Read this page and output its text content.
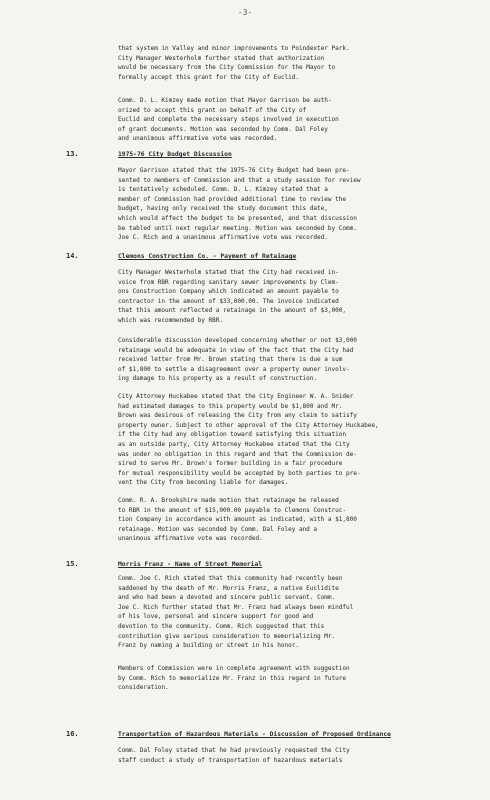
-3-
that system in Valley and minor improvements to Poindexter Park.
City Manager Westerholm further stated that authorization
would be necessary from the City Commission for the Mayor to
formally accept this grant for the City of Euclid.
Comm. D. L. Kimzey made motion that Mayor Garrison be auth-
orized to accept this grant on behalf of the City of
Euclid and complete the necessary steps involved in execution
of grant documents. Motion was seconded by Comm. Dal Foley
and unanimous affirmative vote was recorded.
13.	1975-76 City Budget Discussion
Mayor Garrison stated that the 1975-76 City Budget had been pre-
sented to members of Commission and that a study session for review
is tentatively scheduled. Comm. D. L. Kimzey stated that a
member of Commission had provided additional time to review the
budget, having only received the study document this date,
which would affect the budget to be presented, and that discussion
be tabled until next regular meeting. Motion was seconded by Comm.
Joe C. Rich and a unanimous affirmative vote was recorded.
14.	Clemons Construction Co. - Payment of Retainage
City Manager Westerholm stated that the City had received in-
voice from RBR regarding sanitary sewer improvements by Clem-
ons Construction Company which indicated an amount payable to
contractor in the amount of $33,000.00. The invoice indicated
that this amount reflected a retainage in the amount of $3,000,
which was recommended by RBR.
Considerable discussion developed concerning whether or not $3,000
retainage would be adequate in view of the fact that the City had
received letter from Mr. Brown stating that there is due a sum
of $1,800 to settle a disagreement over a property owner involv-
ing damage to his property as a result of construction.
City Attorney Huckabee stated that the City Engineer W. A. Snider
had estimated damages to this property would be $1,800 and Mr.
Brown was desirous of releasing the City from any claim to satisfy
property owner. Subject to other approval of the City Attorney Huckabee,
if the City had any obligation toward satisfying this situation
as an outside party, City Attorney Huckabee stated that the City
was under no obligation in this regard and that the Commission de-
sired to serve Mr. Brown's former building in a fair procedure
for mutual responsibility would be accepted by both parties to pre-
vent the City from becoming liable for damages.
Comm. R. A. Brookshire made motion that retainage be released
to RBR in the amount of $15,000.00 payable to Clemons Construc-
tion Company in accordance with amount as indicated, with a $1,800
retainage. Motion was seconded by Comm. Dal Foley and a
unanimous affirmative vote was recorded.
15.	Morris Franz - Name of Street Memorial
Comm. Joe C. Rich stated that this community had recently been
saddened by the death of Mr. Morris Franz, a native Euclidite
and who had been a devoted and sincere public servant. Comm.
Joe C. Rich further stated that Mr. Franz had always been mindful
of his love, personal and sincere support for good and
devotion to the community. Comm. Rich suggested that this
contribution give serious consideration to memorializing Mr.
Franz by naming a building or street in his honor.
Members of Commission were in complete agreement with suggestion
by Comm. Rich to memorialize Mr. Franz in this regard in future
consideration.
16.	Transportation of Hazardous Materials - Discussion of Proposed Ordinance
Comm. Dal Foley stated that he had previously requested the City
staff conduct a study of transportation of hazardous materials
